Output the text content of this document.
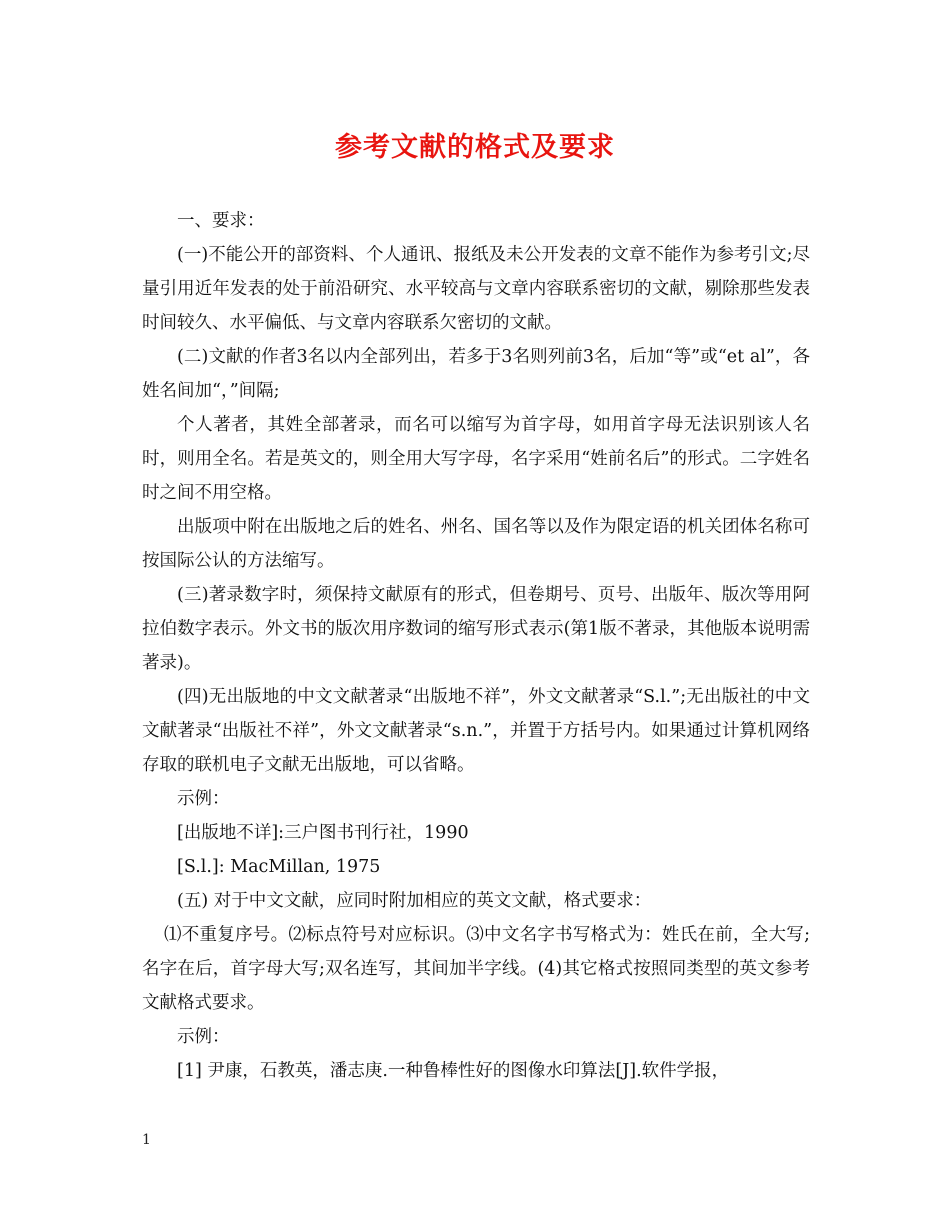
参考文献的格式及要求

一、要求：

(一)不能公开的部资料、个人通讯、报纸及未公开发表的文章不能作为参考引文;尽量引用近年发表的处于前沿研究、水平较高与文章内容联系密切的文献，剔除那些发表时间较久、水平偏低、与文章内容联系欠密切的文献。

(二)文献的作者3名以内全部列出，若多于3名则列前3名，后加“等”或“et al”，各姓名间加“，”间隔;

个人著者，其姓全部著录，而名可以缩写为首字母，如用首字母无法识别该人名时，则用全名。若是英文的，则全用大写字母，名字采用“姓前名后”的形式。二字姓名时之间不用空格。

出版项中附在出版地之后的姓名、州名、国名等以及作为限定语的机关团体名称可按国际公认的方法缩写。

(三)著录数字时，须保持文献原有的形式，但卷期号、页号、出版年、版次等用阿拉伯数字表示。外文书的版次用序数词的缩写形式表示(第1版不著录，其他版本说明需著录)。

(四)无出版地的中文文献著录“出版地不祥”，外文文献著录“S.l.”;无出版社的中文文献著录“出版社不祥”，外文文献著录“s.n.”，并置于方括号内。如果通过计算机网络存取的联机电子文献无出版地，可以省略。

示例：

[出版地不详]:三户图书刊行社，1990

[S.l.]: MacMillan, 1975

(五) 对于中文文献，应同时附加相应的英文文献，格式要求：

⑴不重复序号。⑵标点符号对应标识。⑶中文名字书写格式为：姓氏在前，全大写;名字在后，首字母大写;双名连写，其间加半字线。(4)其它格式按照同类型的英文参考文献格式要求。

示例：

[1] 尹康，石教英，潘志庚.一种鲁棒性好的图像水印算法[J].软件学报，

1
